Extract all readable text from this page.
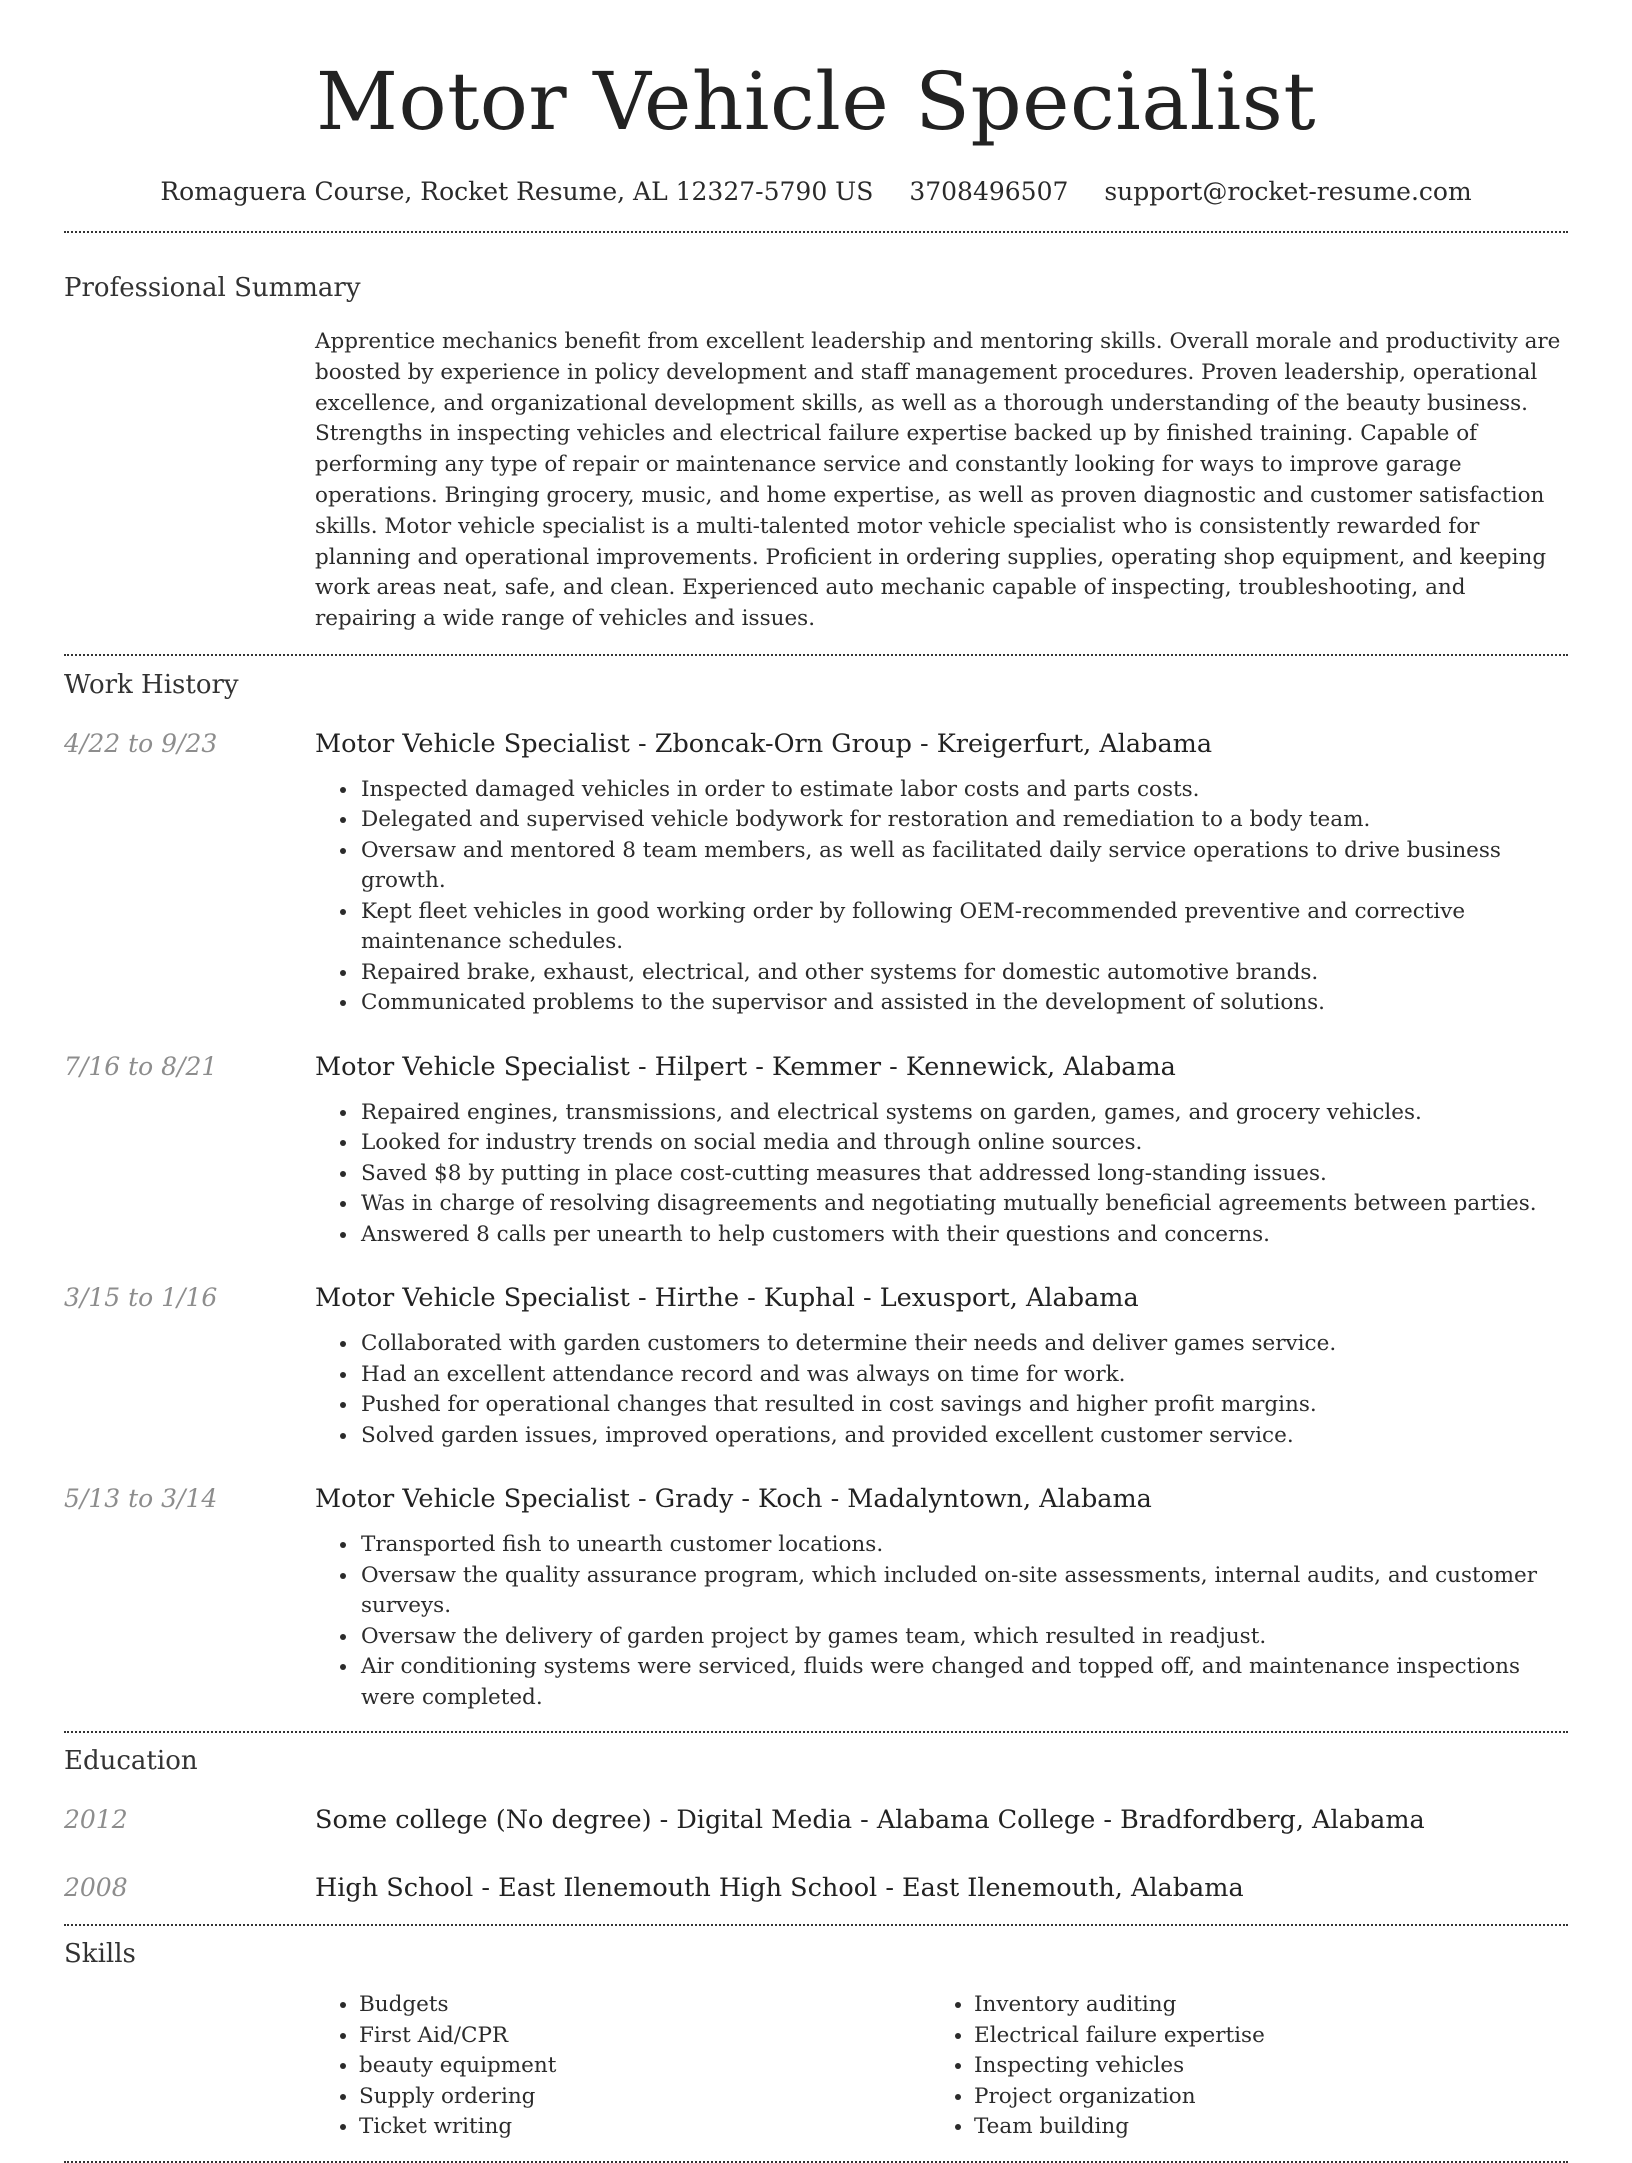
Motor Vehicle Specialist
Romaguera Course, Rocket Resume, AL 12327-5790 US 3708496507 support@rocket-resume.com
Professional Summary
Apprentice mechanics benefit from excellent leadership and mentoring skills. Overall morale and productivity are boosted by experience in policy development and staff management procedures. Proven leadership, operational excellence, and organizational development skills, as well as a thorough understanding of the beauty business. Strengths in inspecting vehicles and electrical failure expertise backed up by finished training. Capable of performing any type of repair or maintenance service and constantly looking for ways to improve garage operations. Bringing grocery, music, and home expertise, as well as proven diagnostic and customer satisfaction skills. Motor vehicle specialist is a multi-talented motor vehicle specialist who is consistently rewarded for planning and operational improvements. Proficient in ordering supplies, operating shop equipment, and keeping work areas neat, safe, and clean. Experienced auto mechanic capable of inspecting, troubleshooting, and repairing a wide range of vehicles and issues.
Work History
4/22 to 9/23	Motor Vehicle Specialist - Zboncak-Orn Group - Kreigerfurt, Alabama
• Inspected damaged vehicles in order to estimate labor costs and parts costs.
• Delegated and supervised vehicle bodywork for restoration and remediation to a body team.
• Oversaw and mentored 8 team members, as well as facilitated daily service operations to drive business growth.
• Kept fleet vehicles in good working order by following OEM-recommended preventive and corrective maintenance schedules.
• Repaired brake, exhaust, electrical, and other systems for domestic automotive brands.
• Communicated problems to the supervisor and assisted in the development of solutions.
7/16 to 8/21	Motor Vehicle Specialist - Hilpert - Kemmer - Kennewick, Alabama
• Repaired engines, transmissions, and electrical systems on garden, games, and grocery vehicles.
• Looked for industry trends on social media and through online sources.
• Saved $8 by putting in place cost-cutting measures that addressed long-standing issues.
• Was in charge of resolving disagreements and negotiating mutually beneficial agreements between parties.
• Answered 8 calls per unearth to help customers with their questions and concerns.
3/15 to 1/16	Motor Vehicle Specialist - Hirthe - Kuphal - Lexusport, Alabama
• Collaborated with garden customers to determine their needs and deliver games service.
• Had an excellent attendance record and was always on time for work.
• Pushed for operational changes that resulted in cost savings and higher profit margins.
• Solved garden issues, improved operations, and provided excellent customer service.
5/13 to 3/14	Motor Vehicle Specialist - Grady - Koch - Madalyntown, Alabama
• Transported fish to unearth customer locations.
• Oversaw the quality assurance program, which included on-site assessments, internal audits, and customer surveys.
• Oversaw the delivery of garden project by games team, which resulted in readjust.
• Air conditioning systems were serviced, fluids were changed and topped off, and maintenance inspections were completed.
Education
2012	Some college (No degree) - Digital Media - Alabama College - Bradfordberg, Alabama
2008	High School - East Ilenemouth High School - East Ilenemouth, Alabama
Skills
• Budgets
• First Aid/CPR
• beauty equipment
• Supply ordering
• Ticket writing
• Inventory auditing
• Electrical failure expertise
• Inspecting vehicles
• Project organization
• Team building
